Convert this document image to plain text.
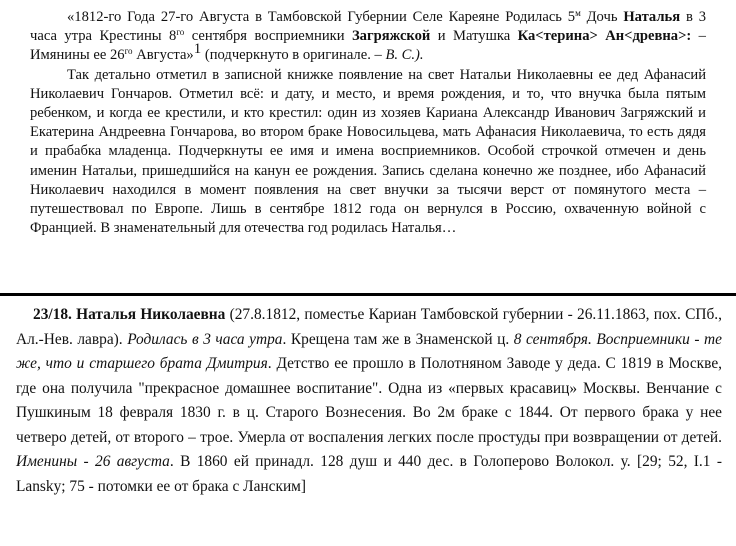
«1812-го Года 27-го Августа в Тамбовской Губернии Селе Кареяне Родилась $5^м$ Дочь Наталья в 3 часа утра Крестины $8^{го}$ сентября восприемники Загряжской и Матушка Ка<терина> Ан<древна>: – Имянины ее $26^{го}$ Августа»$^1$ (подчеркнуто в оригинале. – В. С.).

Так детально отметил в записной книжке появление на свет Натальи Николаевны ее дед Афанасий Николаевич Гончаров. Отметил всё: и дату, и место, и время рождения, и то, что внучка была пятым ребенком, и когда ее крестили, и кто крестил: один из хозяев Кариана Александр Иванович Загряжский и Екатерина Андреевна Гончарова, во втором браке Новосильцева, мать Афанасия Николаевича, то есть дядя и прабабка младенца. Подчеркнуты ее имя и имена восприемников. Особой строчкой отмечен и день именин Натальи, пришедшийся на канун ее рождения. Запись сделана конечно же позднее, ибо Афанасий Николаевич находился в момент появления на свет внучки за тысячи верст от помянутого места – путешествовал по Европе. Лишь в сентябре 1812 года он вернулся в Россию, охваченную войной с Францией. В знаменательный для отечества год родилась Наталья…

23/18. Наталья Николаевна (27.8.1812, поместье Кариан Тамбовской губернии - 26.11.1863, пох. СПб., Ал.-Нев. лавра). Родилась в 3 часа утра. Крещена там же в Знаменской ц. 8 сентября. Восприемники - те же, что и старшего брата Дмитрия. Детство ее прошло в Полотняном Заводе у деда. С 1819 в Москве, где она получила "прекрасное домашнее воспитание". Одна из «первых красавиц» Москвы. Венчание с Пушкиным 18 февраля 1830 г. в ц. Старого Вознесения. Во 2м браке с 1844. От первого брака у нее четверо детей, от второго – трое. Умерла от воспаления легких после простуды при возвращении от детей. Именины - 26 августа. В 1860 ей принадл. 128 душ и 440 дес. в Голоперово Волокол. у. [29; 52, I.1 - Lansky; 75 - потомки ее от брака с Ланским]
